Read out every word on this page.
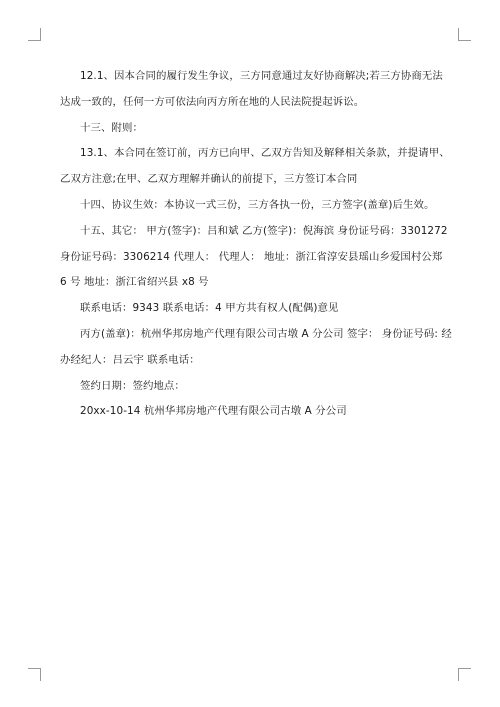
12.1、因本合同的履行发生争议，三方同意通过友好协商解决;若三方协商无法达成一致的，任何一方可依法向丙方所在地的人民法院提起诉讼。

十三、附则：

13.1、本合同在签订前，丙方已向甲、乙双方告知及解释相关条款，并提请甲、乙双方注意;在甲、乙双方理解并确认的前提下，三方签订本合同

十四、协议生效：本协议一式三份，三方各执一份，三方签字(盖章)后生效。

十五、其它： 甲方(签字)：吕和斌 乙方(签字)：倪海滨 身份证号码：3301272 身份证号码：3306214 代理人： 代理人： 地址：浙江省淳安县瑶山乡爱国村公郑 6 号 地址：浙江省绍兴县 x8 号

联系电话：9343 联系电话：4 甲方共有权人(配偶)意见

丙方(盖章)：杭州华邦房地产代理有限公司古墩 A 分公司 签字： 身份证号码: 经办经纪人：吕云宇 联系电话：

签约日期：签约地点：

20xx-10-14 杭州华邦房地产代理有限公司古墩 A 分公司
